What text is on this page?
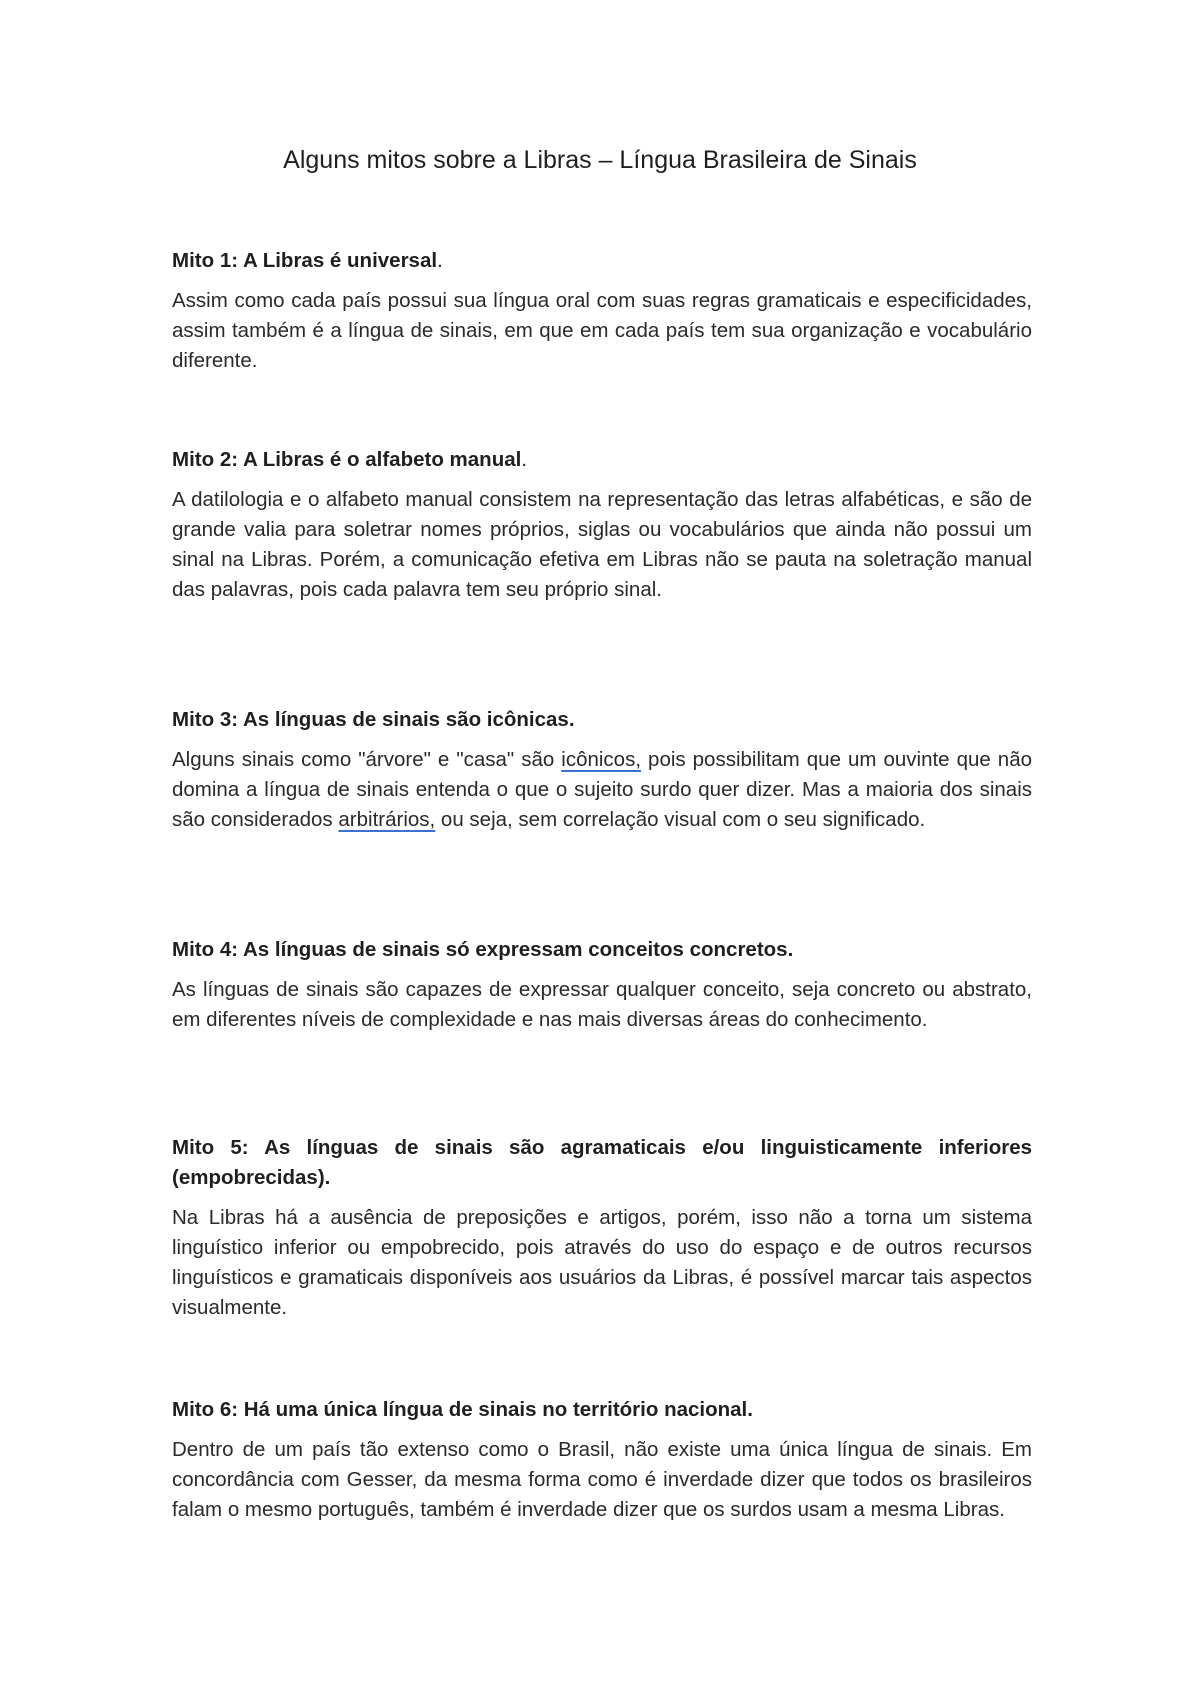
Alguns mitos sobre a Libras – Língua Brasileira de Sinais

Mito 1: A Libras é universal.

Assim como cada país possui sua língua oral com suas regras gramaticais e especificidades, assim também é a língua de sinais, em que em cada país tem sua organização e vocabulário diferente.

Mito 2: A Libras é o alfabeto manual.

A datilologia e o alfabeto manual consistem na representação das letras alfabéticas, e são de grande valia para soletrar nomes próprios, siglas ou vocabulários que ainda não possui um sinal na Libras. Porém, a comunicação efetiva em Libras não se pauta na soletração manual das palavras, pois cada palavra tem seu próprio sinal.

Mito 3: As línguas de sinais são icônicas.

Alguns sinais como "árvore" e "casa" são icônicos, pois possibilitam que um ouvinte que não domina a língua de sinais entenda o que o sujeito surdo quer dizer. Mas a maioria dos sinais são considerados arbitrários, ou seja, sem correlação visual com o seu significado.

Mito 4: As línguas de sinais só expressam conceitos concretos.

As línguas de sinais são capazes de expressar qualquer conceito, seja concreto ou abstrato, em diferentes níveis de complexidade e nas mais diversas áreas do conhecimento.

Mito 5: As línguas de sinais são agramaticais e/ou linguisticamente inferiores (empobrecidas).

Na Libras há a ausência de preposições e artigos, porém, isso não a torna um sistema linguístico inferior ou empobrecido, pois através do uso do espaço e de outros recursos linguísticos e gramaticais disponíveis aos usuários da Libras, é possível marcar tais aspectos visualmente.

Mito 6: Há uma única língua de sinais no território nacional.

Dentro de um país tão extenso como o Brasil, não existe uma única língua de sinais. Em concordância com Gesser, da mesma forma como é inverdade dizer que todos os brasileiros falam o mesmo português, também é inverdade dizer que os surdos usam a mesma Libras.
